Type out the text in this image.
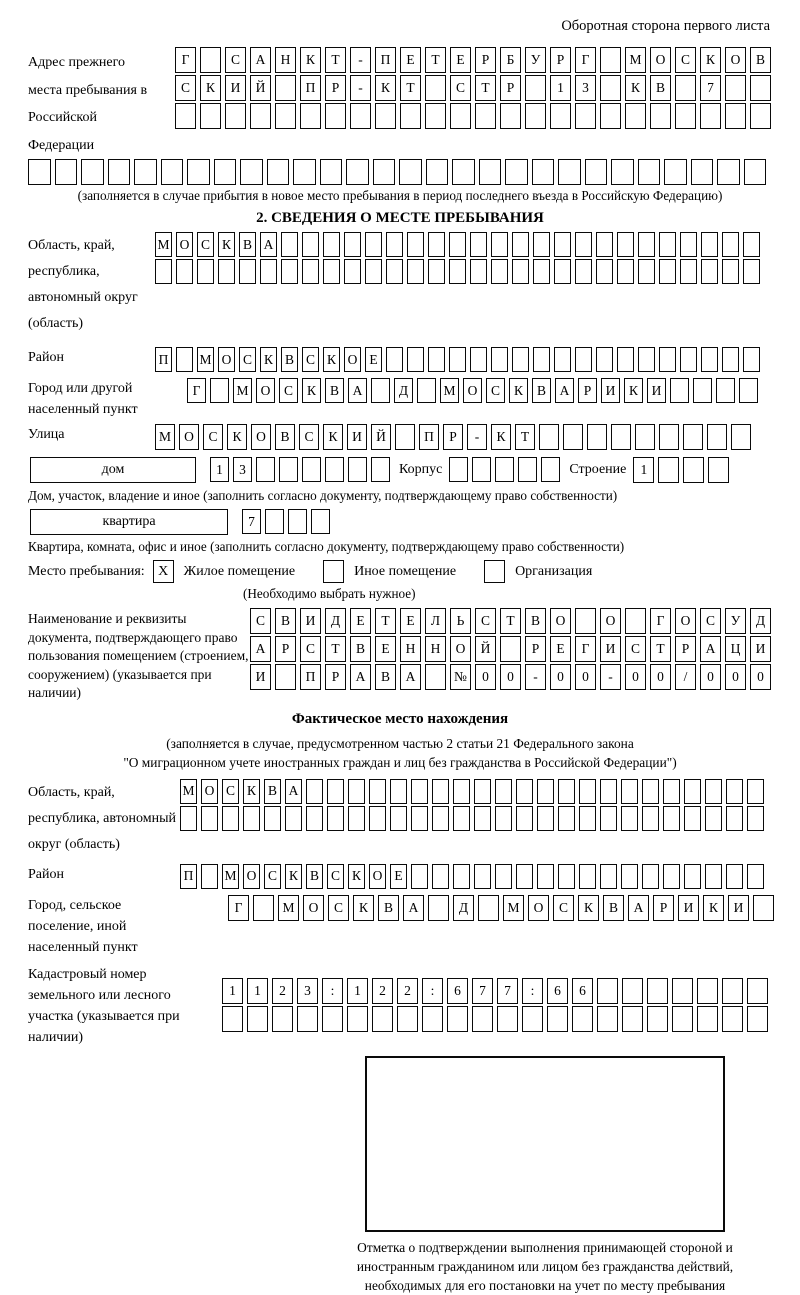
Оборотная сторона первого листа
Адрес прежнего места пребывания в Российской Федерации
Г	С	А	Н	К	Т	-	П	Е	Т	Е	Р	Б	У	Р	Г	М	О	С	К	О	В
С	К	И	Й	П	Р	-	К	Т	С	Т	Р	1	3	К	В	7
(заполняется в случае прибытия в новое место пребывания в период последнего въезда в Российскую Федерацию)
2. СВЕДЕНИЯ О МЕСТЕ ПРЕБЫВАНИЯ
Область, край, республика, автономный округ (область)
М О С К В А
Район	П М О С К В С К О Е
Город или другой населенный пункт
Г	М О	С	К	В	А	Д	М О	С	К	В	А	Р	И	К	И
Улица	М О	С	К	О	В	С	К	И	Й	П	Р	-	К	Т
дом	1	3	Корпус	Строение	1
Дом, участок, владение и иное (заполнить согласно документу, подтверждающему право собственности)
квартира	7
Квартира, комната, офис и иное (заполнить согласно документу, подтверждающему право собственности)
Место пребывания: X	Жилое помещение	Иное помещение	Организация
(Необходимо выбрать нужное)
Наименование и реквизиты документа, подтверждающего право пользования помещением (строением, сооружением) (указывается при наличии)
С	В	И	Д	Е	Т	Е	Л	Ь	С	Т	В	О	О	Г	О	С	У	Д
А	Р	С	Т	В	Е	Н	Н	О	Й	Р	Е	Г	И	С	Т	Р	А	Ц	И
И	П	Р	А	В	А	№	0	0	-	0	0	-	0	0	/	0	0	0
Фактическое место нахождения
(заполняется в случае, предусмотренном частью 2 статьи 21 Федерального закона
"О миграционном учете иностранных граждан и лиц без гражданства в Российской Федерации")
Область, край, республика, автономный округ (область)
М О С К В А
Район	П М О С К В С К О Е
Город, сельское поселение, иной населенный пункт
Г	М	О	С	К	В	А	Д	М	О	С	К	В	А	Р	И	К	И
Кадастровый номер земельного или лесного участка (указывается при наличии)
1	1	2	3	:	1	2	2	:	6	7	7	:	6	6
Отметка о подтверждении выполнения принимающей стороной и иностранным гражданином или лицом без гражданства действий, необходимых для его постановки на учет по месту пребывания
